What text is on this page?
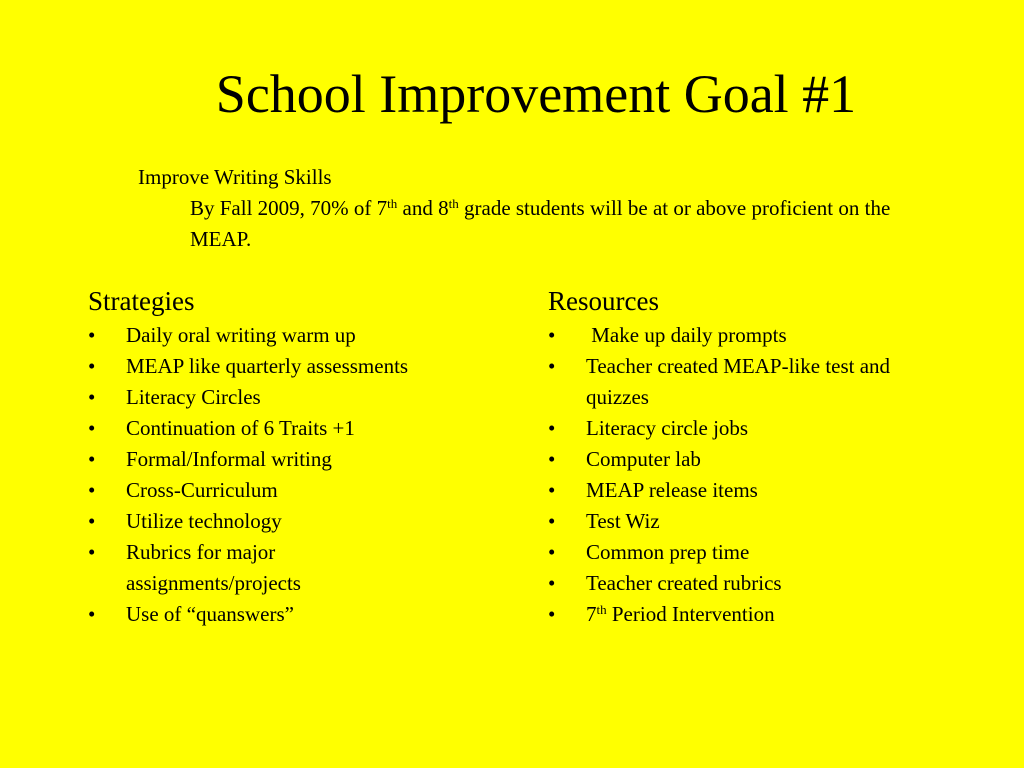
School Improvement Goal #1
Improve Writing Skills
By Fall 2009, 70% of 7th and 8th grade students will be at or above proficient on the MEAP.
Strategies
• Daily oral writing warm up
• MEAP like quarterly assessments
• Literacy Circles
• Continuation of 6 Traits +1
• Formal/Informal writing
• Cross-Curriculum
• Utilize technology
• Rubrics for major assignments/projects
• Use of “quanswers”
Resources
• Make up daily prompts
• Teacher created MEAP-like test and quizzes
• Literacy circle jobs
• Computer lab
• MEAP release items
• Test Wiz
• Common prep time
• Teacher created rubrics
• 7th Period Intervention
